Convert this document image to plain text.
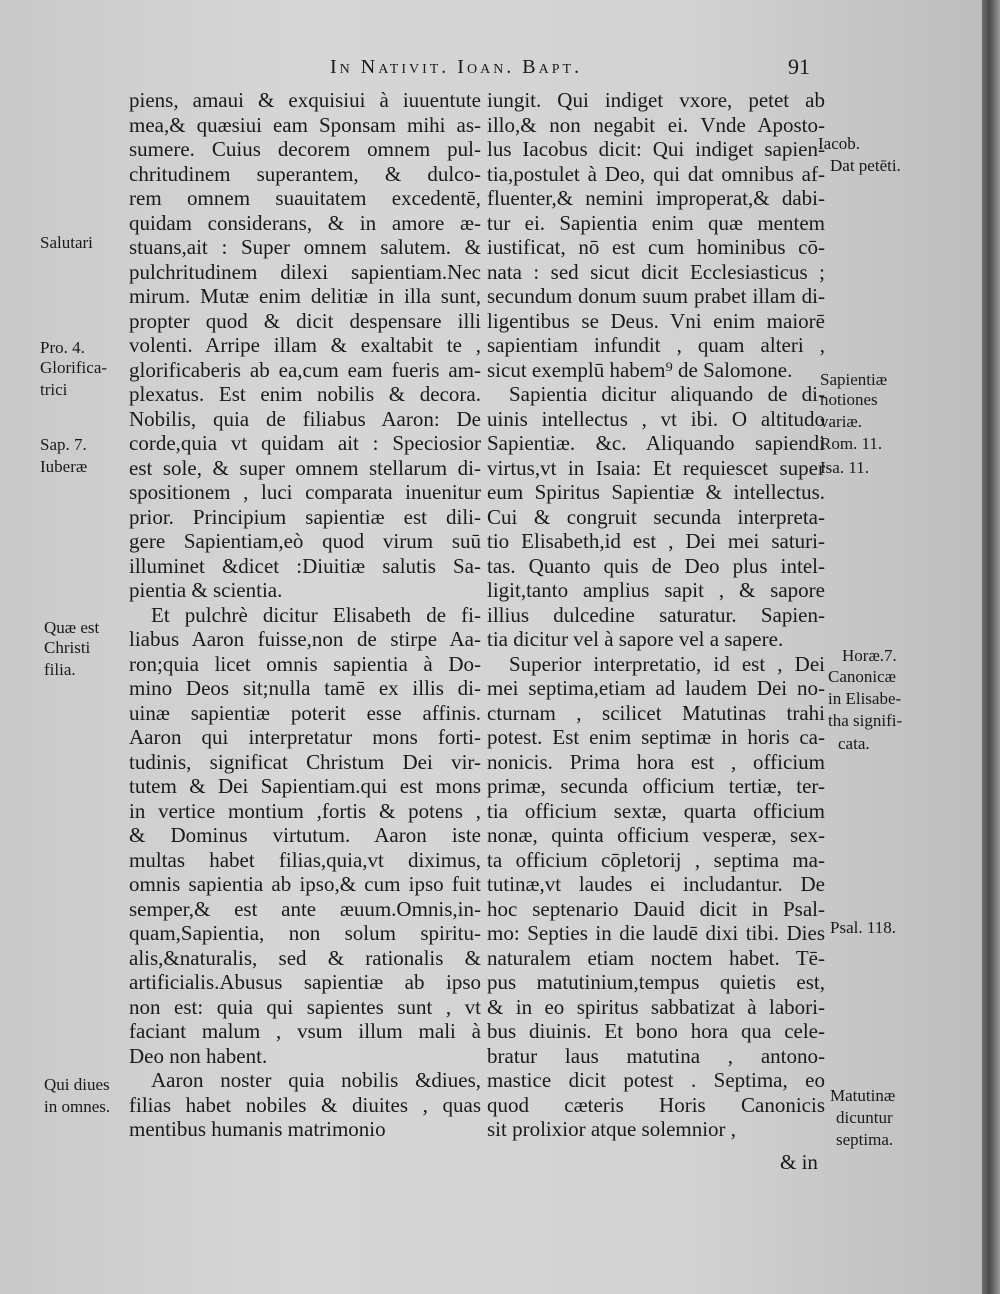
In Nativit. Ioan. Bapt.	91
piens, amaui & exquisiui à iuuentute
mea,& quæsiui eam Sponsam mihi as-
sumere. Cuius decorem omnem pul-
chritudinem superantem, & dulco-
rem omnem suauitatem excedentē,
quidam considerans, & in amore æ-
stuans,ait : Super omnem salutem. &
pulchritudinem dilexi sapientiam.Nec
mirum. Mutæ enim delitiæ in illa sunt,
propter quod & dicit despensare illi
volenti. Arripe illam & exaltabit te ,
glorificaberis ab ea,cum eam fueris am-
plexatus. Est enim nobilis & decora.
Nobilis, quia de filiabus Aaron: De
corde,quia vt quidam ait : Speciosior
est sole, & super omnem stellarum di-
spositionem , luci comparata inuenitur
prior. Principium sapientiæ est dili-
gere Sapientiam,eò quod virum suū
illuminet &dicet :Diuitiæ salutis Sa-
pientia & scientia.
Et pulchrè dicitur Elisabeth de fi-
liabus Aaron fuisse,non de stirpe Aa-
ron;quia licet omnis sapientia à Do-
mino Deos sit;nulla tamē ex illis di-
uinæ sapientiæ poterit esse affinis.
Aaron qui interpretatur mons forti-
tudinis, significat Christum Dei vir-
tutem & Dei Sapientiam.qui est mons
in vertice montium ,fortis & potens ,
& Dominus virtutum. Aaron iste
multas habet filias,quia,vt diximus,
omnis sapientia ab ipso,& cum ipso fuit
semper,& est ante æuum.Omnis,in-
quam,Sapientia, non solum spiritu-
alis,&naturalis, sed & rationalis &
artificialis.Abusus sapientiæ ab ipso
non est: quia qui sapientes sunt , vt
faciant malum , vsum illum mali à
Deo non habent.
Aaron noster quia nobilis &diues,
filias habet nobiles & diuites , quas
mentibus humanis matrimonio
iungit. Qui indiget vxore, petet ab
illo,& non negabit ei. Vnde Aposto-
lus Iacobus dicit: Qui indiget sapien-
tia,postulet à Deo, qui dat omnibus af-
fluenter,& nemini improperat,& dabi-
tur ei. Sapientia enim quæ mentem
iustificat, nō est cum hominibus cō-
nata : sed sicut dicit Ecclesiasticus ;
secundum donum suum prabet illam di-
ligentibus se Deus. Vni enim maiorē
sapientiam infundit , quam alteri ,
sicut exemplū habem⁹ de Salomone.
Sapientia dicitur aliquando de di-
uinis intellectus , vt ibi. O altitudo
Sapientiæ. &c. Aliquando sapiendi
virtus,vt in Isaia: Et requiescet super
eum Spiritus Sapientiæ & intellectus.
Cui & congruit secunda interpreta-
tio Elisabeth,id est , Dei mei saturi-
tas. Quanto quis de Deo plus intel-
ligit,tanto amplius sapit , & sapore
illius dulcedine saturatur. Sapien-
tia dicitur vel à sapore vel a sapere.
Superior interpretatio, id est , Dei
mei septima,etiam ad laudem Dei no-
cturnam , scilicet Matutinas trahi
potest. Est enim septimæ in horis ca-
nonicis. Prima hora est , officium
primæ, secunda officium tertiæ, ter-
tia officium sextæ, quarta officium
nonæ, quinta officium vesperæ, sex-
ta officium cōpletorij , septima ma-
tutinæ,vt laudes ei includantur. De
hoc septenario Dauid dicit in Psal-
mo: Septies in die laudē dixi tibi. Dies
naturalem etiam noctem habet. Tē-
pus matutinium,tempus quietis est,
& in eo spiritus sabbatizat à labori-
bus diuinis. Et bono hora qua cele-
bratur laus matutina , antono-
mastice dicit potest . Septima, eo
quod cæteris Horis Canonicis
sit prolixior atque solemnior ,
Salutari
Pro. 4.
Glorifica-
trici
Sap. 7.
Iuberæ
Quæ est
Christi
filia.
Qui diues
in omnes.
Iacob.
Dat petēti.
Sapientiæ
notiones
variæ.
Rom. 11.
Isa. 11.
Horæ.7.
Canonicæ
in Elisabe-
tha signifi-
cata.
Psal. 118.
Matutinæ
dicuntur
septima.
& in
